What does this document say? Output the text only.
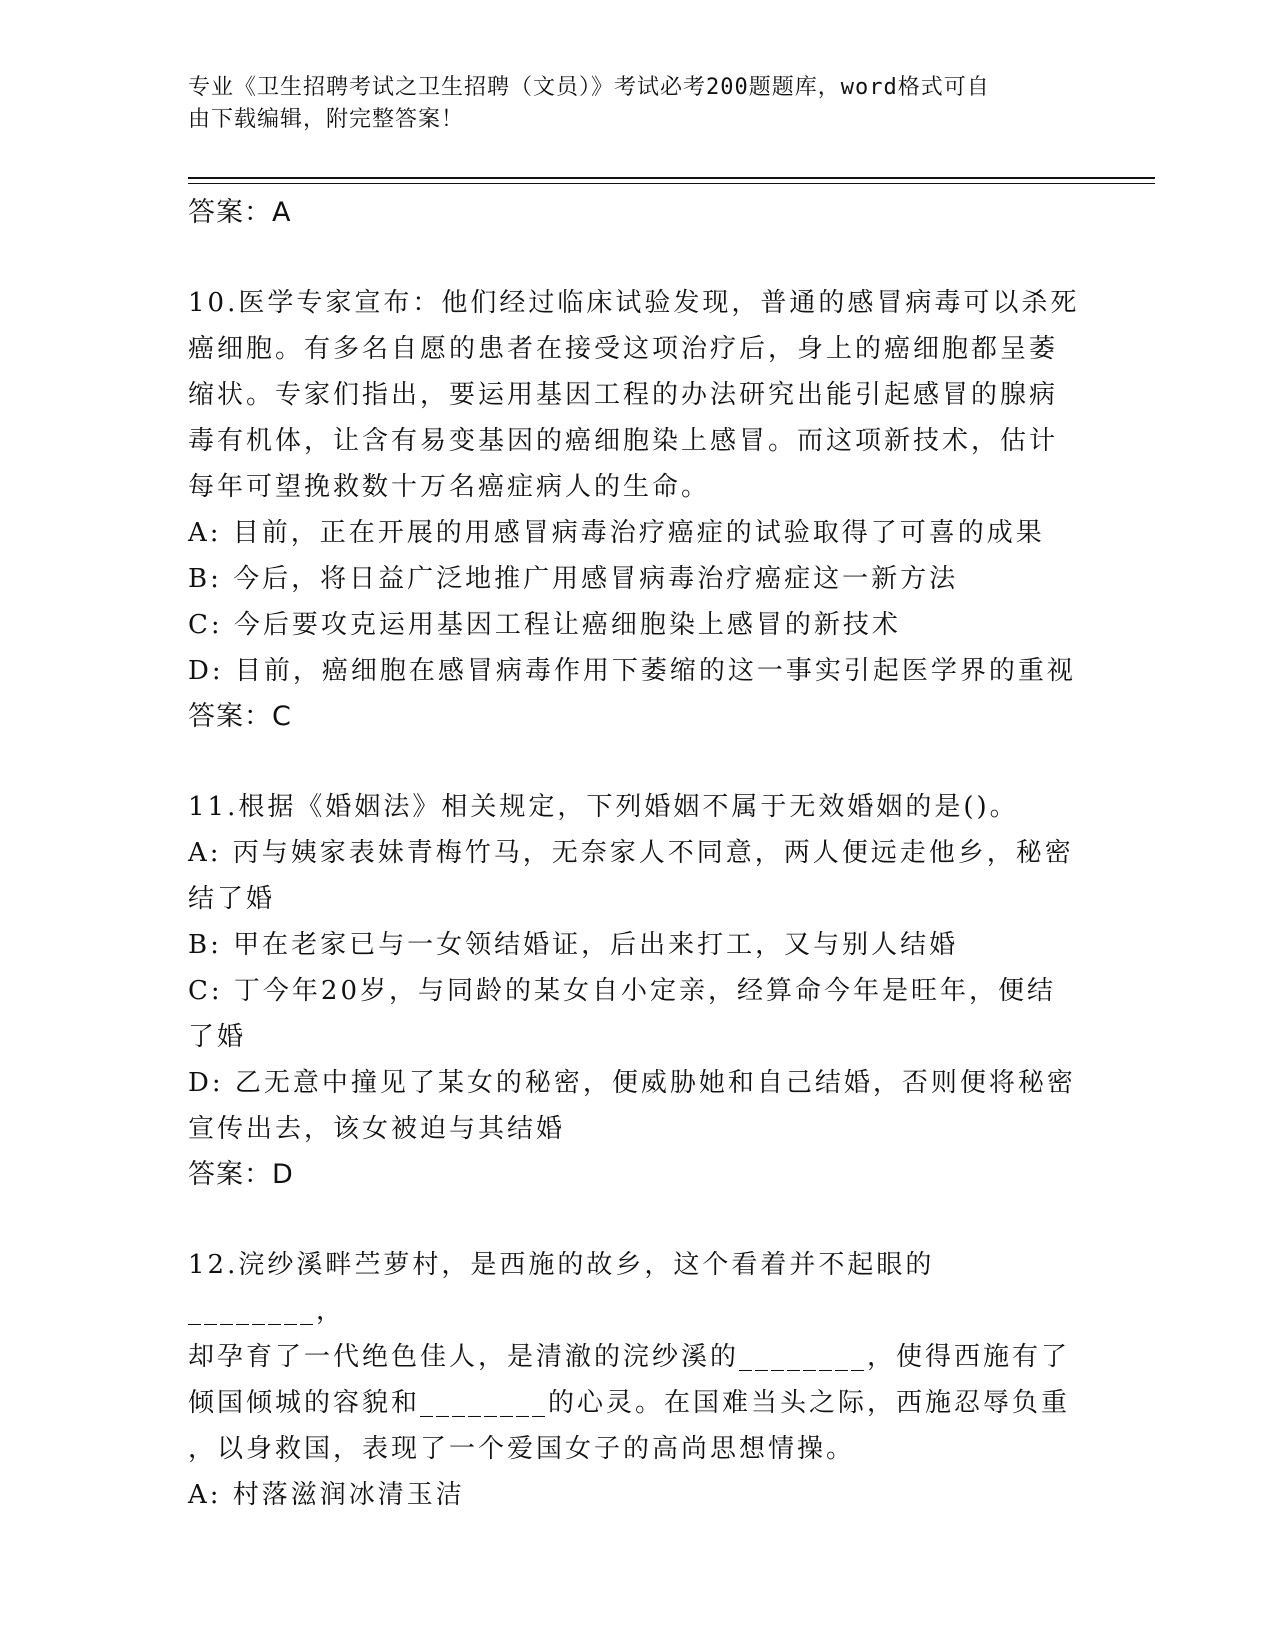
专业《卫生招聘考试之卫生招聘（文员）》考试必考200题题库，word格式可自
由下载编辑，附完整答案！

答案：A

10.医学专家宣布：他们经过临床试验发现，普通的感冒病毒可以杀死
癌细胞。有多名自愿的患者在接受这项治疗后，身上的癌细胞都呈萎
缩状。专家们指出，要运用基因工程的办法研究出能引起感冒的腺病
毒有机体，让含有易变基因的癌细胞染上感冒。而这项新技术，估计
每年可望挽救数十万名癌症病人的生命。
A: 目前，正在开展的用感冒病毒治疗癌症的试验取得了可喜的成果
B: 今后，将日益广泛地推广用感冒病毒治疗癌症这一新方法
C: 今后要攻克运用基因工程让癌细胞染上感冒的新技术
D: 目前，癌细胞在感冒病毒作用下萎缩的这一事实引起医学界的重视

答案：C

11.根据《婚姻法》相关规定，下列婚姻不属于无效婚姻的是()。
A: 丙与姨家表妹青梅竹马，无奈家人不同意，两人便远走他乡，秘密
结了婚
B: 甲在老家已与一女领结婚证，后出来打工，又与别人结婚
C: 丁今年20岁，与同龄的某女自小定亲，经算命今年是旺年，便结
了婚
D: 乙无意中撞见了某女的秘密，便威胁她和自己结婚，否则便将秘密
宣传出去，该女被迫与其结婚

答案：D

12.浣纱溪畔苎萝村，是西施的故乡，这个看着并不起眼的________，
却孕育了一代绝色佳人，是清澈的浣纱溪的________，使得西施有了
倾国倾城的容貌和________的心灵。在国难当头之际，西施忍辱负重
，以身救国，表现了一个爱国女子的高尚思想情操。
A: 村落滋润冰清玉洁
